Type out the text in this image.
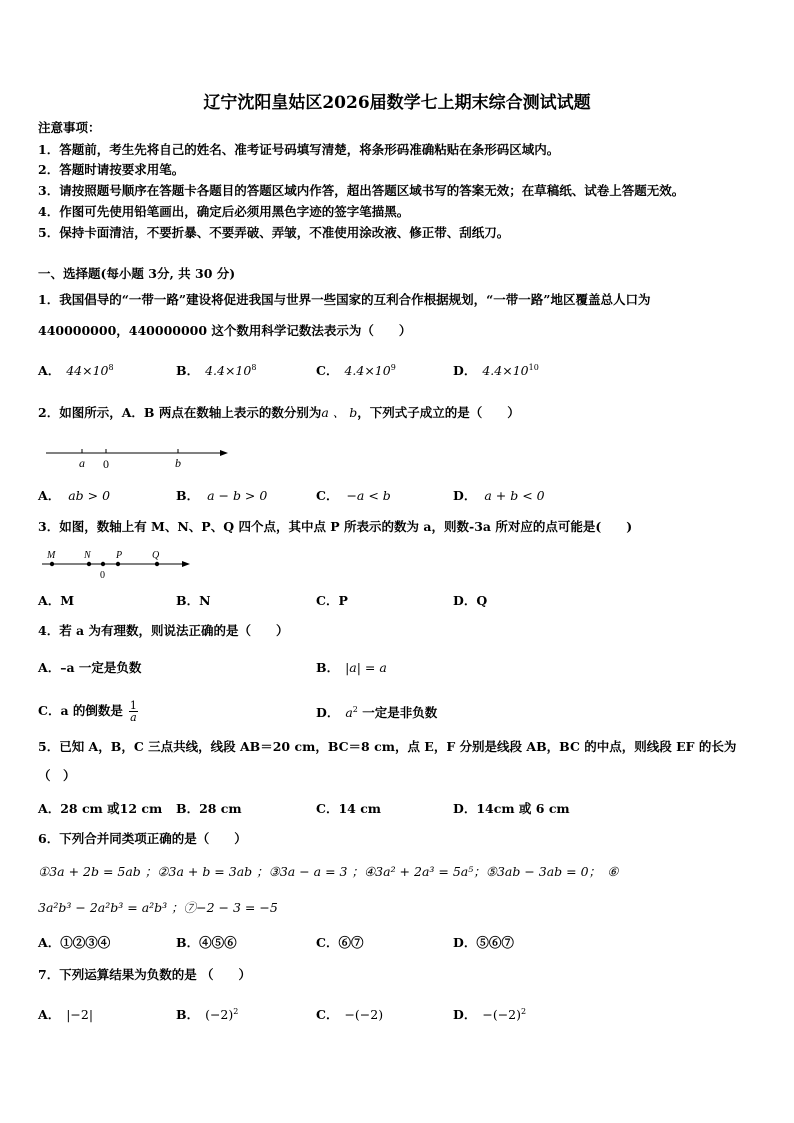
辽宁沈阳皇姑区2026届数学七上期末综合测试试题
注意事项：
1．答题前，考生先将自己的姓名、准考证号码填写清楚，将条形码准确粘贴在条形码区域内。
2．答题时请按要求用笔。
3．请按照题号顺序在答题卡各题目的答题区域内作答，超出答题区域书写的答案无效；在草稿纸、试卷上答题无效。
4．作图可先使用铅笔画出，确定后必须用黑色字迹的签字笔描黑。
5．保持卡面清洁，不要折暴、不要弄破、弄皱，不准使用涂改液、修正带、刮纸刀。
一、选择题(每小题 3分, 共 30 分)
1．我国倡导的“一带一路”建设将促进我国与世界一些国家的互利合作根据规划，“一带一路”地区覆盖总人口为
440000000，440000000 这个数用科学记数法表示为（　　）
A． $44\times 10^8$	B． $4.4\times 10^8$	C． $4.4\times 10^9$	D． $4.4\times 10^{10}$
2．如图所示，A．B 两点在数轴上表示的数分别为a 、 b，下列式子成立的是（　　）
a 0	b
A． ab > 0	B． a − b > 0	C． −a < b	D． a + b < 0
3．如图，数轴上有 M、N、P、Q 四个点，其中点 P 所表示的数为 a，则数-3a 所对应的点可能是(　　)
M	N	P	Q
0
A．M	B．N	C．P	D．Q
4．若 a 为有理数，则说法正确的是（　　）
A．–a 一定是负数	B． |a| = a
C．a 的倒数是 $\frac{1}{a}$	D． $a^2$ 一定是非负数
5．已知 A，B，C 三点共线，线段 AB＝20 cm，BC＝8 cm，点 E，F 分别是线段 AB，BC 的中点，则线段 EF 的长为
（　）
A．28 cm 或12 cm B．28 cm	C．14 cm	D．14cm 或 6 cm
6．下列合并同类项正确的是（　　）
①3a + 2b = 5ab ；②3a + b = 3ab ；③3a − a = 3 ；④3a² + 2a³ = 5a⁵；⑤3ab − 3ab = 0；　⑥
3a²b³ − 2a²b³ = a²b³ ；⑦−2 − 3 = −5
A．①②③④	B．④⑤⑥	C．⑥⑦	D．⑤⑥⑦
7．下列运算结果为负数的是 （　　）
A． |−2|	B． $(-2)^2$	C． −(−2)	D． $-(-2)^2$
